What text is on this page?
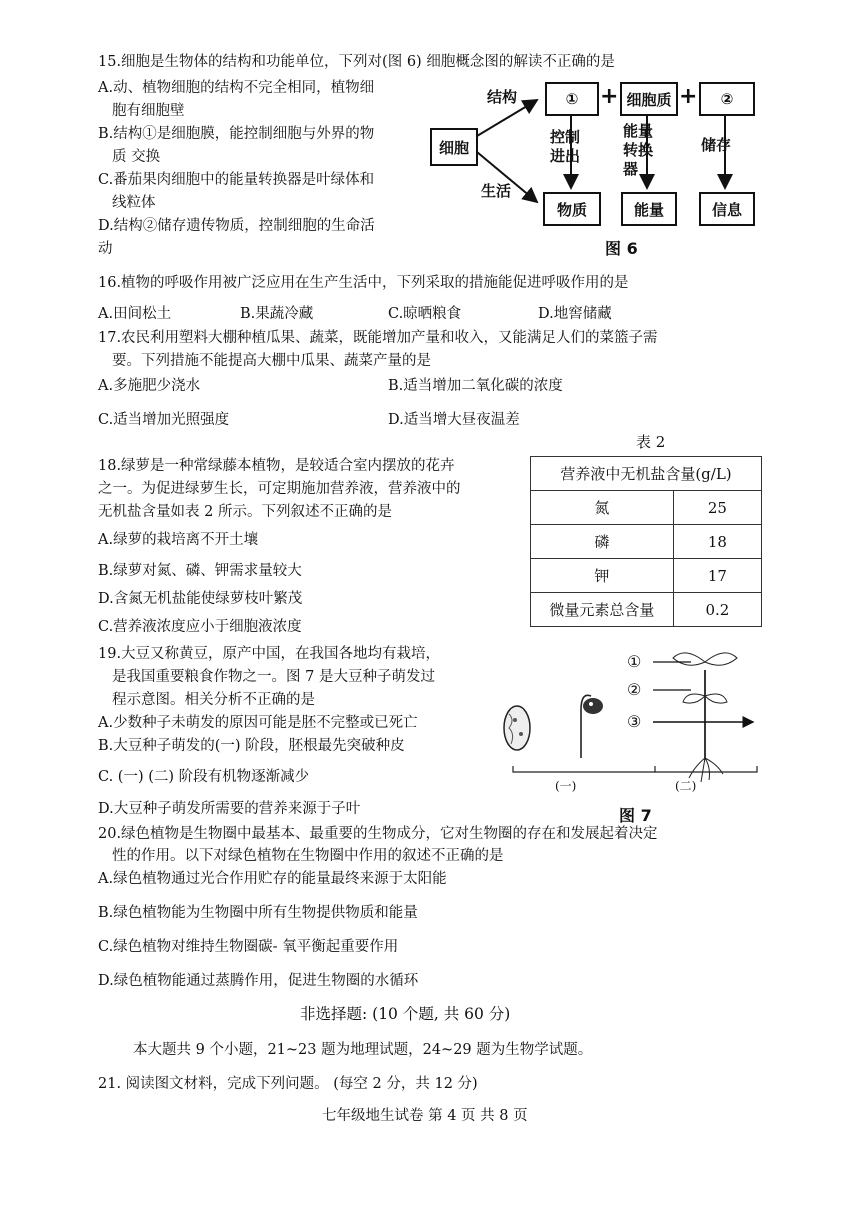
15.细胞是生物体的结构和功能单位，下列对(图 6) 细胞概念图的解读不正确的是
A.动、植物细胞的结构不完全相同，植物细
胞有细胞壁
B.结构①是细胞膜，能控制细胞与外界的物
质 交换
C.番茄果肉细胞中的能量转换器是叶绿体和
线粒体
D.结构②储存遗传物质，控制细胞的生命活
动
细胞
结构
生活
① + 细胞质 +	②
控制进出
能量转换器
储存
物质	能量	信息
图 6
16.植物的呼吸作用被广泛应用在生产生活中，下列采取的措施能促进呼吸作用的是
A.田间松土	B.果蔬冷藏	C.晾晒粮食	D.地窖储藏
17.农民利用塑料大棚种植瓜果、蔬菜，既能增加产量和收入，又能满足人们的菜篮子需
要。下列措施不能提高大棚中瓜果、蔬菜产量的是
A.多施肥少浇水	B.适当增加二氧化碳的浓度
C.适当增加光照强度	D.适当增大昼夜温差
表 2
营养液中无机盐含量(g/L)	
氮	25
磷	18
钾	17
微量元素总含量	0.2
18.绿萝是一种常绿藤本植物，是较适合室内摆放的花卉
之一。为促进绿萝生长，可定期施加营养液，营养液中的
无机盐含量如表 2 所示。下列叙述不正确的是
A.绿萝的栽培离不开土壤
B.绿萝对氮、磷、钾需求量较大
D.含氮无机盐能使绿萝枝叶繁茂
C.营养液浓度应小于细胞液浓度
19.大豆又称黄豆，原产中国，在我国各地均有栽培，
是我国重要粮食作物之一。图 7 是大豆种子萌发过
程示意图。相关分析不正确的是
A.少数种子未萌发的原因可能是胚不完整或已死亡
B.大豆种子萌发的(一) 阶段，胚根最先突破种皮
C. (一) (二) 阶段有机物逐渐减少
D.大豆种子萌发所需要的营养来源于子叶
①
②
③
(一)	(二)
图 7
20.绿色植物是生物圈中最基本、最重要的生物成分，它对生物圈的存在和发展起着决定
性的作用。以下对绿色植物在生物圈中作用的叙述不正确的是
A.绿色植物通过光合作用贮存的能量最终来源于太阳能
B.绿色植物能为生物圈中所有生物提供物质和能量
C.绿色植物对维持生物圈碳- 氧平衡起重要作用
D.绿色植物能通过蒸腾作用，促进生物圈的水循环
非选择题: (10 个题, 共 60 分)
本大题共 9 个小题，21~23 题为地理试题，24~29 题为生物学试题。
21. 阅读图文材料，完成下列问题。 (每空 2 分，共 12 分)
七年级地生试卷 第 4 页 共 8 页
